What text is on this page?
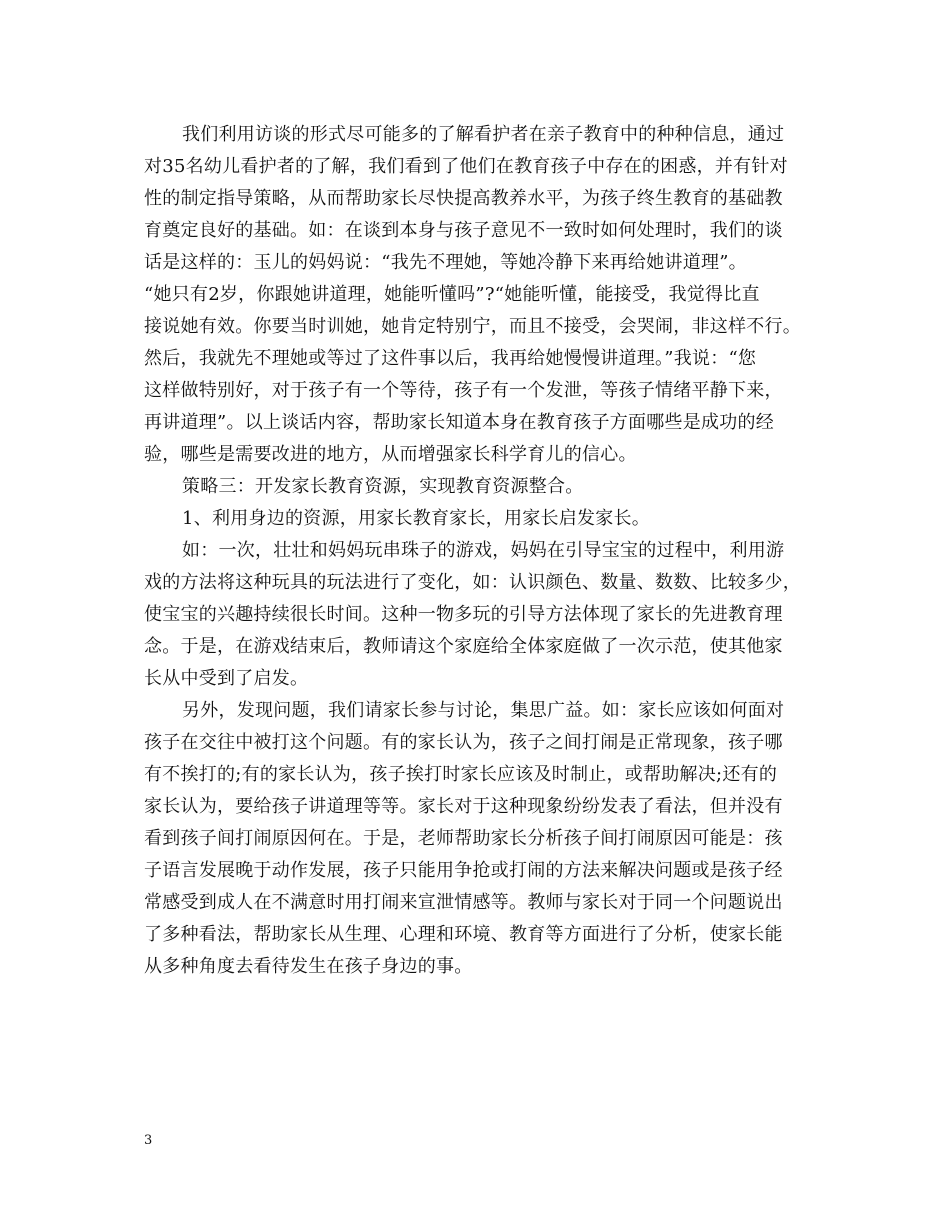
我们利用访谈的形式尽可能多的了解看护者在亲子教育中的种种信息，通过
对35名幼儿看护者的了解，我们看到了他们在教育孩子中存在的困惑，并有针对
性的制定指导策略，从而帮助家长尽快提高教养水平，为孩子终生教育的基础教
育奠定良好的基础。如：在谈到本身与孩子意见不一致时如何处理时，我们的谈
话是这样的：玉儿的妈妈说：“我先不理她，等她冷静下来再给她讲道理”。
“她只有2岁，你跟她讲道理，她能听懂吗”?“她能听懂，能接受，我觉得比直
接说她有效。你要当时训她，她肯定特别宁，而且不接受，会哭闹，非这样不行。
然后，我就先不理她或等过了这件事以后，我再给她慢慢讲道理。”我说：“您
这样做特别好，对于孩子有一个等待，孩子有一个发泄，等孩子情绪平静下来，
再讲道理”。以上谈话内容，帮助家长知道本身在教育孩子方面哪些是成功的经
验，哪些是需要改进的地方，从而增强家长科学育儿的信心。
策略三：开发家长教育资源，实现教育资源整合。
1、利用身边的资源，用家长教育家长，用家长启发家长。
如：一次，壮壮和妈妈玩串珠子的游戏，妈妈在引导宝宝的过程中，利用游
戏的方法将这种玩具的玩法进行了变化，如：认识颜色、数量、数数、比较多少，
使宝宝的兴趣持续很长时间。这种一物多玩的引导方法体现了家长的先进教育理
念。于是，在游戏结束后，教师请这个家庭给全体家庭做了一次示范，使其他家
长从中受到了启发。
另外，发现问题，我们请家长参与讨论，集思广益。如：家长应该如何面对
孩子在交往中被打这个问题。有的家长认为，孩子之间打闹是正常现象，孩子哪
有不挨打的;有的家长认为，孩子挨打时家长应该及时制止，或帮助解决;还有的
家长认为，要给孩子讲道理等等。家长对于这种现象纷纷发表了看法，但并没有
看到孩子间打闹原因何在。于是，老师帮助家长分析孩子间打闹原因可能是：孩
子语言发展晚于动作发展，孩子只能用争抢或打闹的方法来解决问题或是孩子经
常感受到成人在不满意时用打闹来宣泄情感等。教师与家长对于同一个问题说出
了多种看法，帮助家长从生理、心理和环境、教育等方面进行了分析，使家长能
从多种角度去看待发生在孩子身边的事。
3
